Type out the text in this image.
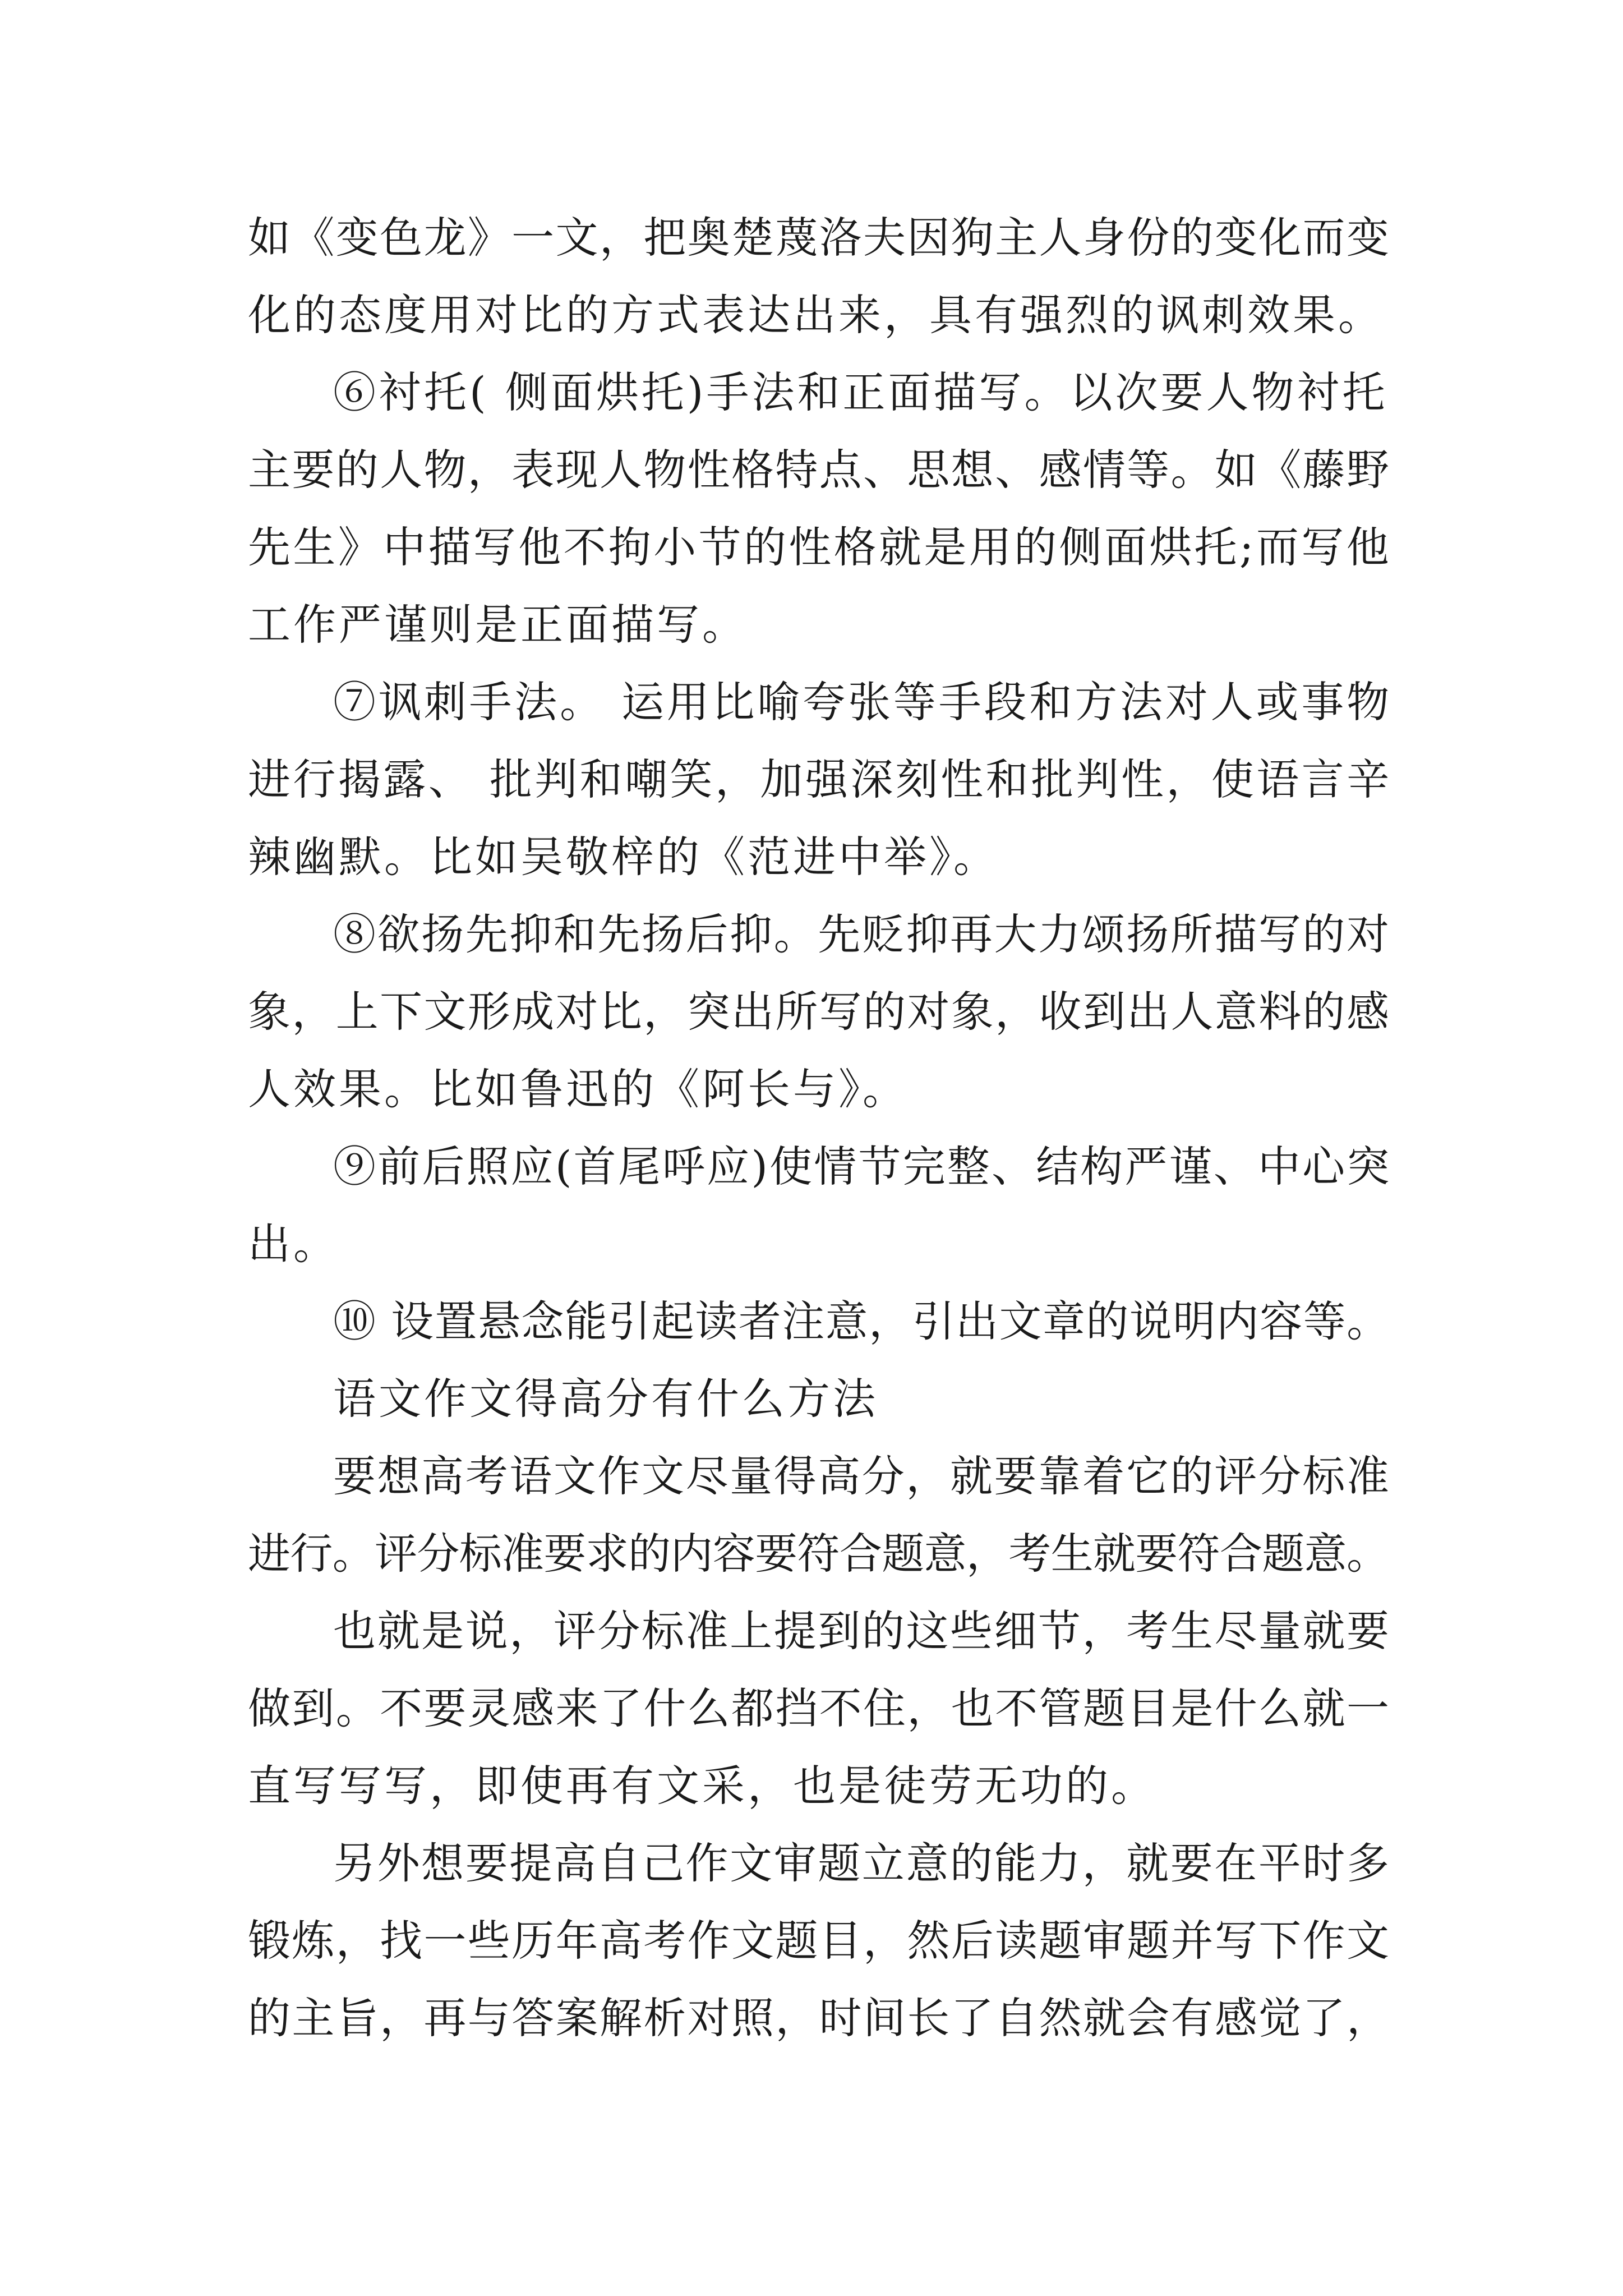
如《变色龙》一文，把奥楚蔑洛夫因狗主人身份的变化而变
化的态度用对比的方式表达出来，具有强烈的讽刺效果。
⑥衬托( 侧面烘托)手法和正面描写。以次要人物衬托
主要的人物，表现人物性格特点、思想、感情等。如《藤野
先生》中描写他不拘小节的性格就是用的侧面烘托;而写他
工作严谨则是正面描写。
⑦讽刺手法。 运用比喻夸张等手段和方法对人或事物
进行揭露、 批判和嘲笑，加强深刻性和批判性，使语言辛
辣幽默。比如吴敬梓的《范进中举》。
⑧欲扬先抑和先扬后抑。先贬抑再大力颂扬所描写的对
象，上下文形成对比，突出所写的对象，收到出人意料的感
人效果。比如鲁迅的《阿长与》。
⑨前后照应(首尾呼应)使情节完整、结构严谨、中心突
出。
⑩ 设置悬念能引起读者注意，引出文章的说明内容等。
语文作文得高分有什么方法
要想高考语文作文尽量得高分，就要靠着它的评分标准
进行。评分标准要求的内容要符合题意，考生就要符合题意。
也就是说，评分标准上提到的这些细节，考生尽量就要
做到。不要灵感来了什么都挡不住，也不管题目是什么就一
直写写写，即使再有文采，也是徒劳无功的。
另外想要提高自己作文审题立意的能力，就要在平时多
锻炼，找一些历年高考作文题目，然后读题审题并写下作文
的主旨，再与答案解析对照，时间长了自然就会有感觉了，
